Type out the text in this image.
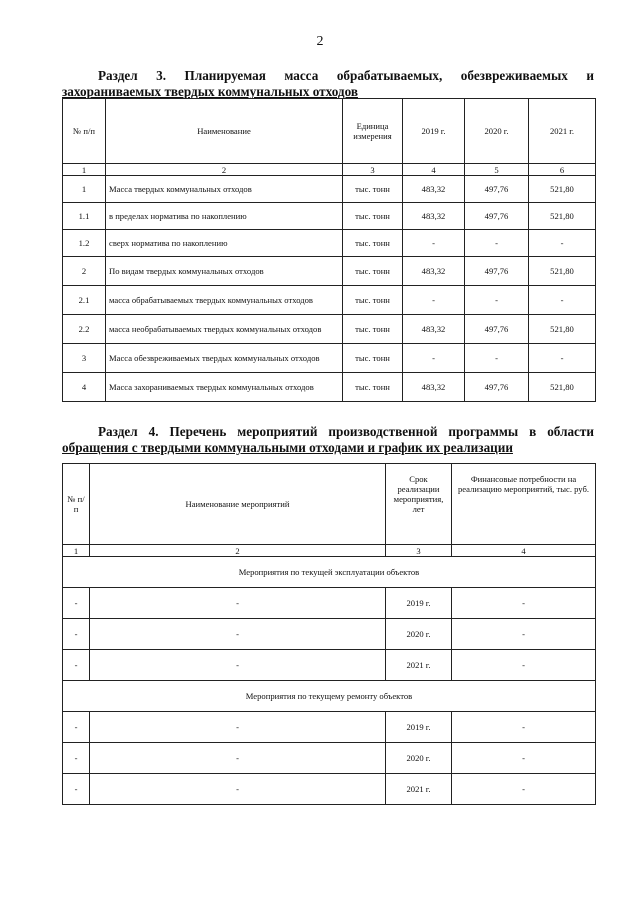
2
Раздел 3. Планируемая масса обрабатываемых, обезвреживаемых и
захораниваемых твердых коммунальных отходов
№ п/п	Наименование	Единица измерения	2019 г.	2020 г.	2021 г.
1	2	3	4	5	6
1	Масса твердых коммунальных отходов	тыс. тонн	483,32	497,76	521,80
1.1	в пределах норматива по накоплению	тыс. тонн	483,32	497,76	521,80
1.2	сверх норматива по накоплению	тыс. тонн	-	-	-
2	По видам твердых коммунальных отходов	тыс. тонн	483,32	497,76	521,80
2.1	масса обрабатываемых твердых коммунальных отходов	тыс. тонн	-	-	-
2.2	масса необрабатываемых твердых коммунальных отходов	тыс. тонн	483,32	497,76	521,80
3	Масса обезвреживаемых твердых коммунальных отходов	тыс. тонн	-	-	-
4	Масса захораниваемых твердых коммунальных отходов	тыс. тонн	483,32	497,76	521,80
Раздел 4. Перечень мероприятий производственной программы в области
обращения с твердыми коммунальными отходами и график их реализации
№ п/п	Наименование мероприятий	Срок реализации мероприятия, лет	Финансовые потребности на реализацию мероприятий, тыс. руб.
1	2	3	4
Мероприятия по текущей эксплуатации объектов			
-	-	2019 г.	-
-	-	2020 г.	-
-	-	2021 г.	-
Мероприятия по текущему ремонту объектов			
-	-	2019 г.	-
-	-	2020 г.	-
-	-	2021 г.	-
